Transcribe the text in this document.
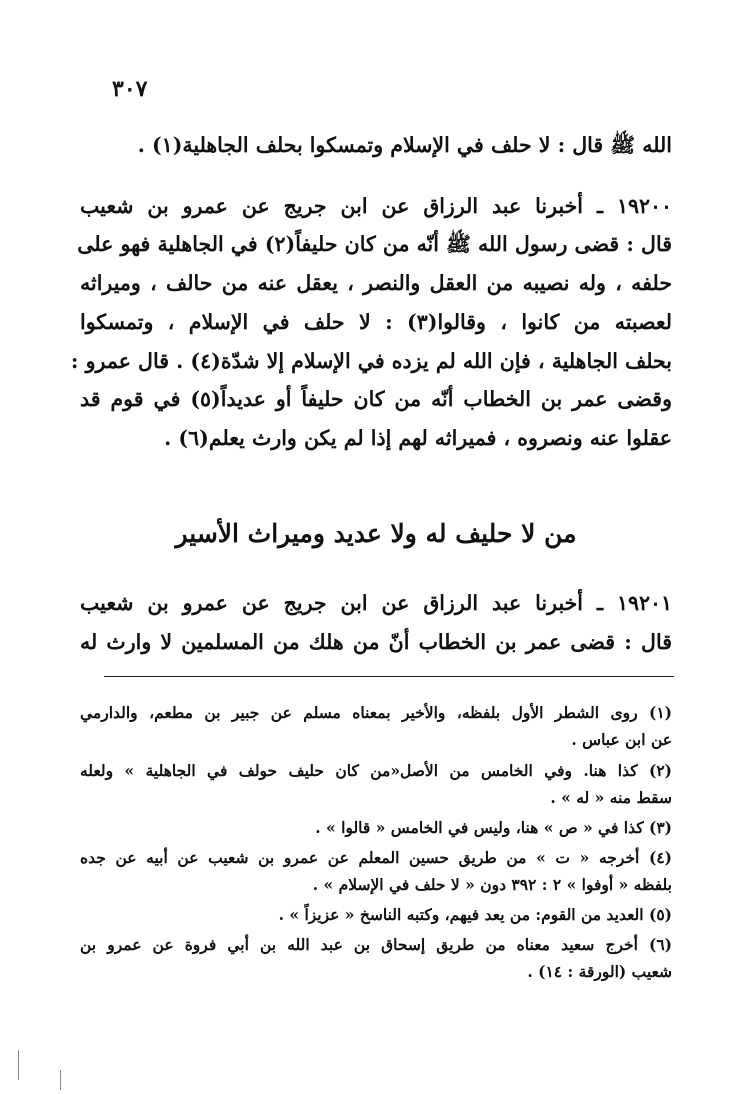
٣٠٧
الله ﷺ قال : لا حلف في الإسلام وتمسكوا بحلف الجاهلية(١) .
١٩٢٠٠ ـ أخبرنا عبد الرزاق عن ابن جريج عن عمرو بن شعيب
قال : قضى رسول الله ﷺ أنّه من كان حليفاً(٢) في الجاهلية فهو على
حلفه ، وله نصيبه من العقل والنصر ، يعقل عنه من حالف ، وميراثه
لعصبته من كانوا ، وقالوا(٣) : لا حلف في الإسلام ، وتمسكوا
بحلف الجاهلية ، فإن الله لم يزده في الإسلام إلا شدّة(٤) . قال عمرو :
وقضى عمر بن الخطاب أنّه من كان حليفاً أو عديداً(٥) في قوم قد
عقلوا عنه ونصروه ، فميراثه لهم إذا لم يكن وارث يعلم(٦) .
من لا حليف له ولا عديد وميراث الأسير
١٩٢٠١ ـ أخبرنا عبد الرزاق عن ابن جريج عن عمرو بن شعيب
قال : قضى عمر بن الخطاب أنّ من هلك من المسلمين لا وارث له
(١) روى الشطر الأول بلفظه، والأخير بمعناه مسلم عن جبير بن مطعم، والدارمي
عن ابن عباس .
(٢) كذا هنا. وفي الخامس من الأصل«من كان حليف حولف في الجاهلية » ولعله
سقط منه « له » .
(٣) كذا في « ص » هنا، وليس في الخامس « قالوا » .
(٤) أخرجه « ت » من طريق حسين المعلم عن عمرو بن شعيب عن أبيه عن جده
بلفظه « أوفوا » ٢ : ٣٩٢ دون « لا حلف في الإسلام » .
(٥) العديد من القوم: من يعد فيهم، وكتبه الناسخ « عزيزاً » .
(٦) أخرج سعيد معناه من طريق إسحاق بن عبد الله بن أبي فروة عن عمرو بن
شعيب (الورقة : ١٤) .
